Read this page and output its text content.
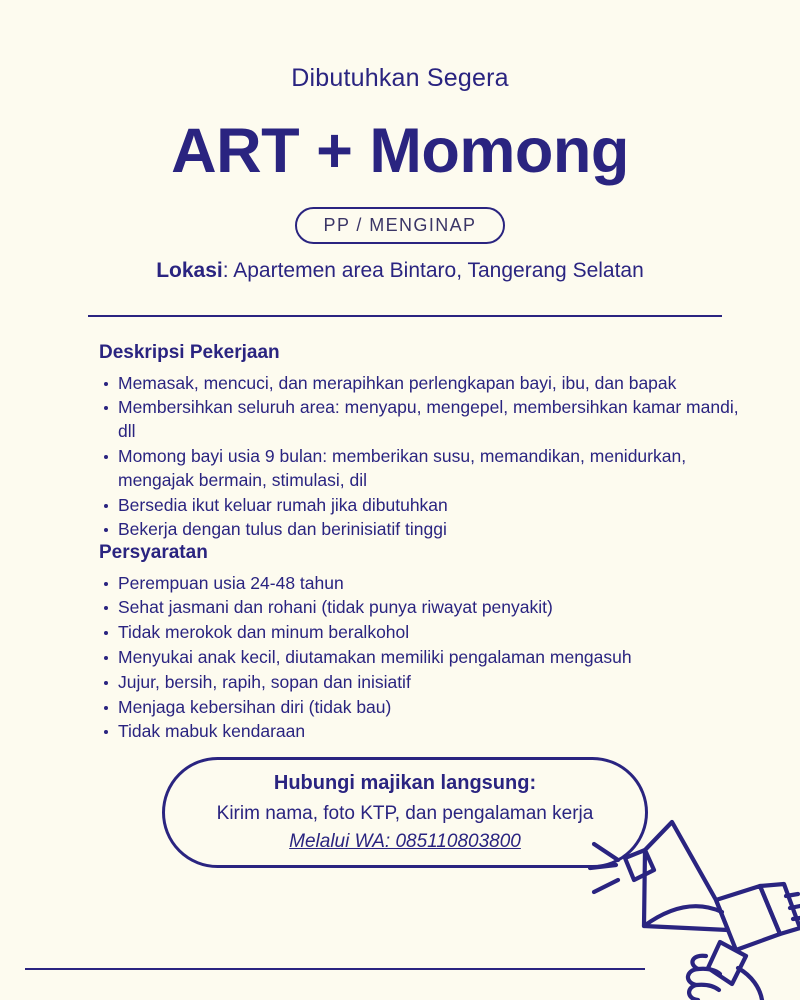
Dibutuhkan Segera
ART + Momong
PP / MENGINAP
Lokasi: Apartemen area Bintaro, Tangerang Selatan
Deskripsi Pekerjaan
Memasak, mencuci, dan merapihkan perlengkapan bayi, ibu, dan bapak
Membersihkan seluruh area: menyapu, mengepel, membersihkan kamar mandi, dll
Momong bayi usia 9 bulan: memberikan susu, memandikan, menidurkan, mengajak bermain, stimulasi, dil
Bersedia ikut keluar rumah jika dibutuhkan
Bekerja dengan tulus dan berinisiatif tinggi
Persyaratan
Perempuan usia 24-48 tahun
Sehat jasmani dan rohani (tidak punya riwayat penyakit)
Tidak merokok dan minum beralkohol
Menyukai anak kecil, diutamakan memiliki pengalaman mengasuh
Jujur, bersih, rapih, sopan dan inisiatif
Menjaga kebersihan diri (tidak bau)
Tidak mabuk kendaraan
Hubungi majikan langsung:
Kirim nama, foto KTP, dan pengalaman kerja
Melalui WA: 085110803800
